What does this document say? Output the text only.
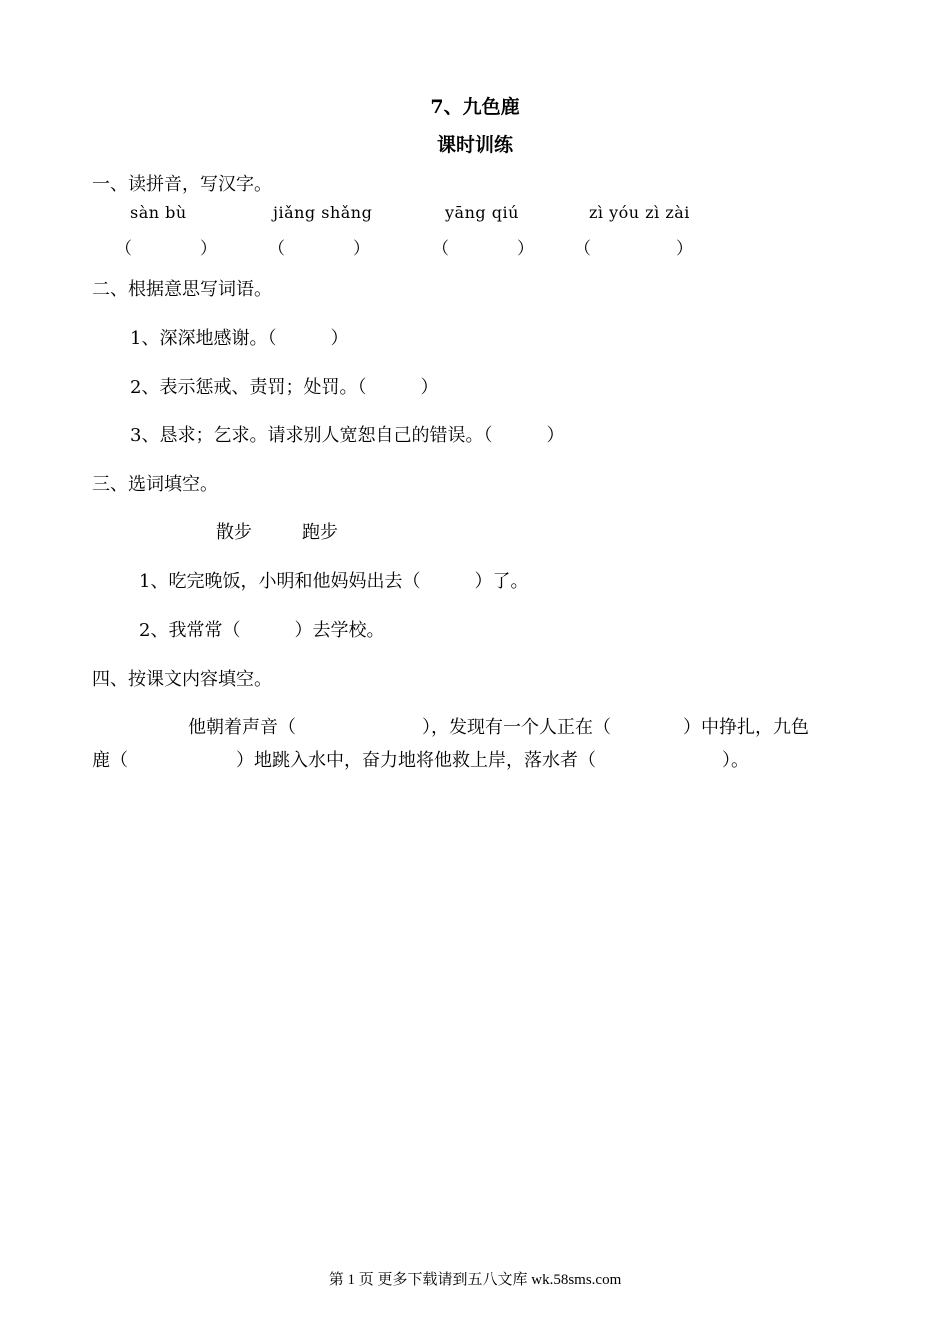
7、九色鹿
课时训练
一、读拼音，写汉字。
sàn bù	jiǎng shǎng	yāng qiú	zì yóu zì zài
（　　　　）	（　　　　）	（　　　　） （　　　　　）
二、根据意思写词语。
1、深深地感谢。（　　　）
2、表示惩戒、责罚；处罚。（　　　）
3、恳求；乞求。请求别人宽恕自己的错误。（　　　）
三、选词填空。
散步	跑步
1、吃完晚饭，小明和他妈妈出去（　　　）了。
2、我常常（　　　）去学校。
四、按课文内容填空。
他朝着声音（　　　　　　　），发现有一个人正在（　　　　）中挣扎，九色
鹿（　　　　　　）地跳入水中，奋力地将他救上岸，落水者（　　　　　　　）。
第 1 页 更多下载请到五八文库 wk.58sms.com
